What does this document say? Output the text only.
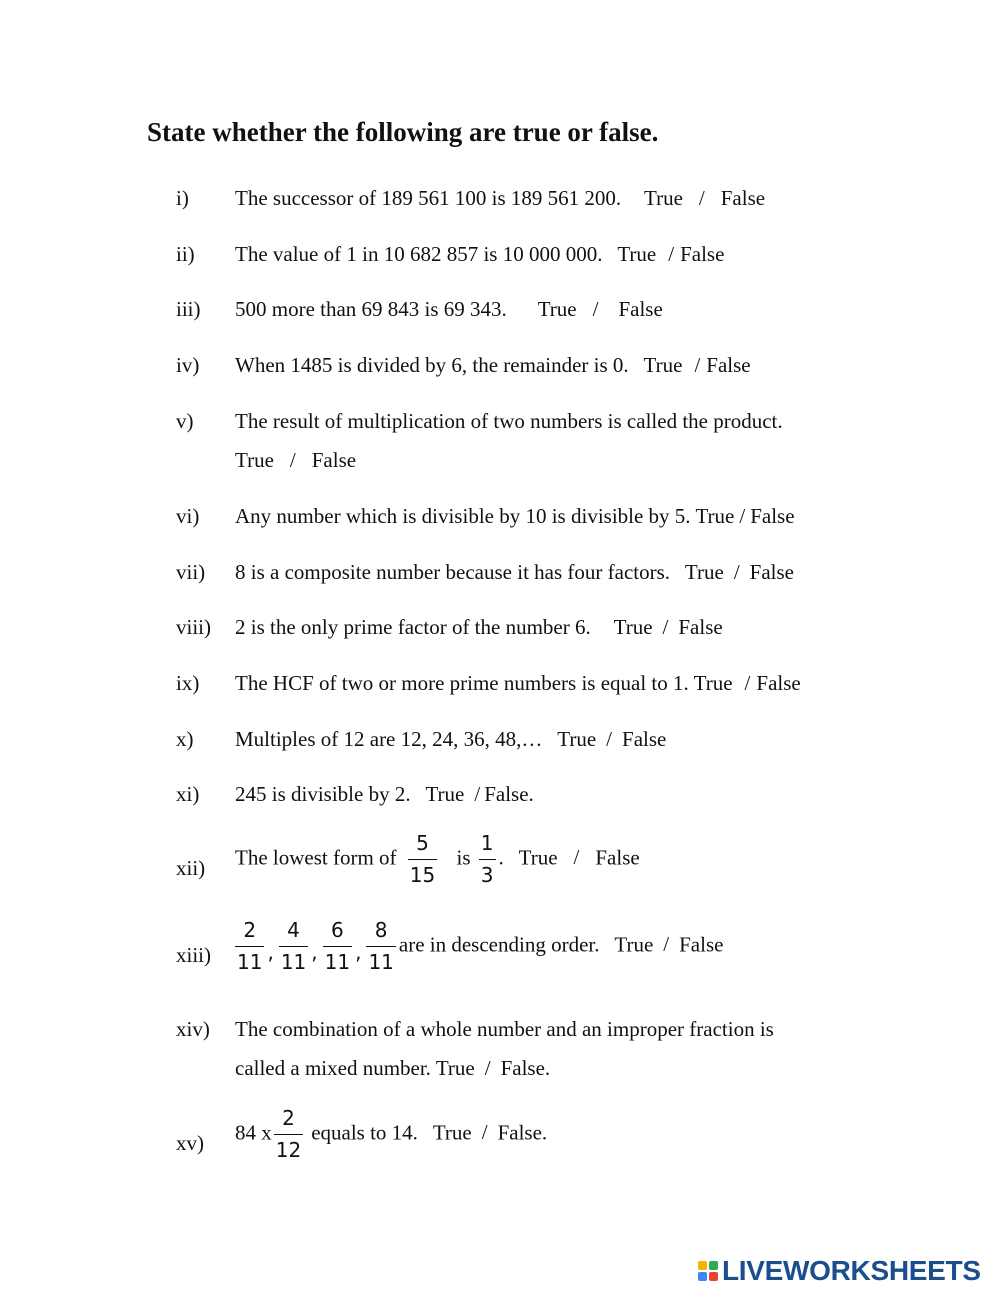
State whether the following are true or false.
i) The successor of 189 561 100 is 189 561 200. True / False
ii) The value of 1 in 10 682 857 is 10 000 000. True / False
iii) 500 more than 69 843 is 69 343. True / False
iv) When 1485 is divided by 6, the remainder is 0. True / False
v) The result of multiplication of two numbers is called the product.
True / False
vi) Any number which is divisible by 10 is divisible by 5. True / False
vii) 8 is a composite number because it has four factors. True / False
viii) 2 is the only prime factor of the number 6. True / False
ix) The HCF of two or more prime numbers is equal to 1. True / False
x) Multiples of 12 are 12, 24, 36, 48,… True / False
xi) 245 is divisible by 2. True / False.
xii) The lowest form of $\frac{5}{15}$ is $\frac{1}{3}$ . True / False
xiii) $\frac{2}{11}$ , $\frac{4}{11}$ , $\frac{6}{11}$ , $\frac{8}{11}$ are in descending order. True / False
xiv) The combination of a whole number and an improper fraction is
called a mixed number. True / False.
xv) 84 x $\frac{2}{12}$ equals to 14. True / False.
LIVEWORKSHEETS
